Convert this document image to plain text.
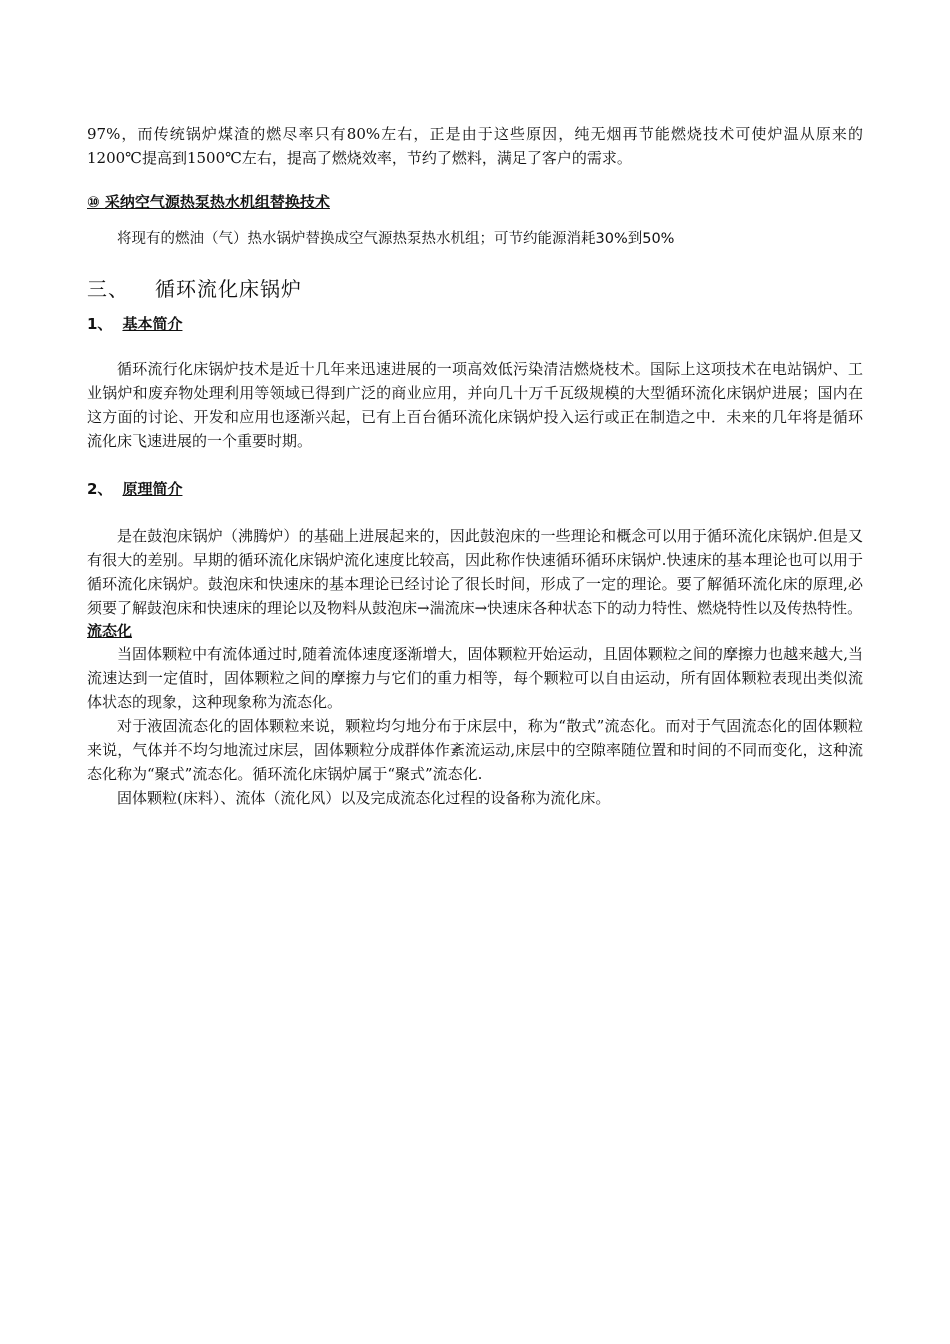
97%，而传统锅炉煤渣的燃尽率只有80%左右，正是由于这些原因，纯无烟再节能燃烧技术可使炉温从原来的1200℃提高到1500℃左右，提高了燃烧效率，节约了燃料，满足了客户的需求。

⑩ 采纳空气源热泵热水机组替换技术

将现有的燃油（气）热水锅炉替换成空气源热泵热水机组；可节约能源消耗30%到50%

三、 循环流化床锅炉

1、 基本简介

循环流行化床锅炉技术是近十几年来迅速进展的一项高效低污染清洁燃烧枝术。国际上这项技术在电站锅炉、工业锅炉和废弃物处理利用等领域已得到广泛的商业应用，并向几十万千瓦级规模的大型循环流化床锅炉进展；国内在这方面的讨论、开发和应用也逐渐兴起，已有上百台循环流化床锅炉投入运行或正在制造之中．未来的几年将是循环流化床飞速进展的一个重要时期。

2、 原理简介

是在鼓泡床锅炉（沸腾炉）的基础上进展起来的，因此鼓泡床的一些理论和概念可以用于循环流化床锅炉.但是又有很大的差别。早期的循环流化床锅炉流化速度比较高，因此称作快速循环循环床锅炉.快速床的基本理论也可以用于循环流化床锅炉。鼓泡床和快速床的基本理论已经讨论了很长时间，形成了一定的理论。要了解循环流化床的原理,必须要了解鼓泡床和快速床的理论以及物料从鼓泡床→湍流床→快速床各种状态下的动力特性、燃烧特性以及传热特性。

流态化

当固体颗粒中有流体通过时,随着流体速度逐渐增大，固体颗粒开始运动，且固体颗粒之间的摩擦力也越来越大,当流速达到一定值时，固体颗粒之间的摩擦力与它们的重力相等，每个颗粒可以自由运动，所有固体颗粒表现出类似流体状态的现象，这种现象称为流态化。

对于液固流态化的固体颗粒来说，颗粒均匀地分布于床层中，称为“散式”流态化。而对于气固流态化的固体颗粒来说，气体并不均匀地流过床层，固体颗粒分成群体作紊流运动,床层中的空隙率随位置和时间的不同而变化，这种流态化称为“聚式”流态化。循环流化床锅炉属于“聚式”流态化.

固体颗粒(床料）、流体（流化风）以及完成流态化过程的设备称为流化床。
